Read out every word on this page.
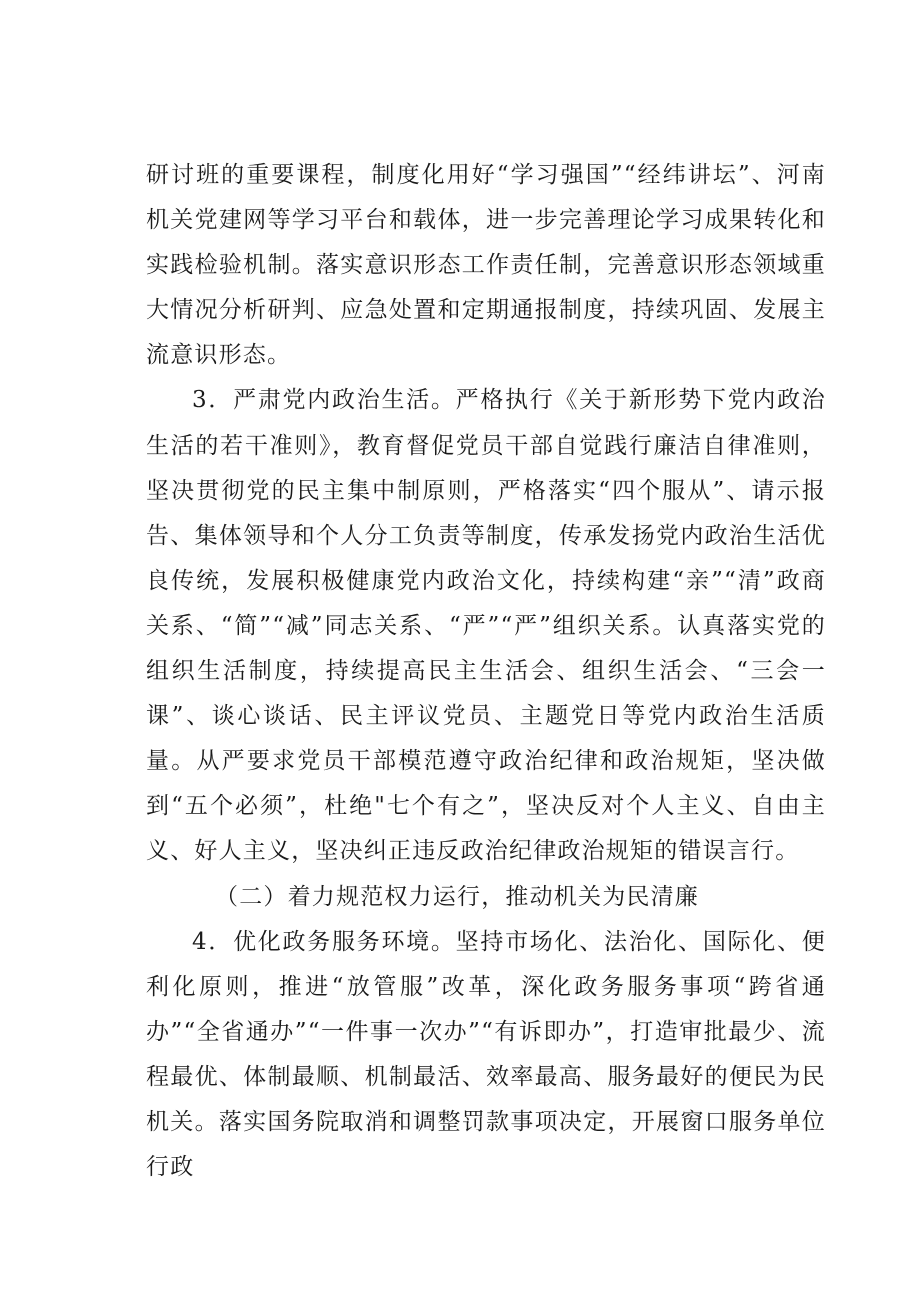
研讨班的重要课程，制度化用好“学习强国”“经纬讲坛”、河南机关党建网等学习平台和载体，进一步完善理论学习成果转化和实践检验机制。落实意识形态工作责任制，完善意识形态领域重大情况分析研判、应急处置和定期通报制度，持续巩固、发展主流意识形态。

3．严肃党内政治生活。严格执行《关于新形势下党内政治生活的若干准则》，教育督促党员干部自觉践行廉洁自律准则，坚决贯彻党的民主集中制原则，严格落实“四个服从”、请示报告、集体领导和个人分工负责等制度，传承发扬党内政治生活优良传统，发展积极健康党内政治文化，持续构建“亲”“清”政商关系、“简”“减”同志关系、“严”“严”组织关系。认真落实党的组织生活制度，持续提高民主生活会、组织生活会、“三会一课”、谈心谈话、民主评议党员、主题党日等党内政治生活质量。从严要求党员干部模范遵守政治纪律和政治规矩，坚决做到“五个必须”，杜绝"七个有之”，坚决反对个人主义、自由主义、好人主义，坚决纠正违反政治纪律政治规矩的错误言行。

（二）着力规范权力运行，推动机关为民清廉

4．优化政务服务环境。坚持市场化、法治化、国际化、便利化原则，推进“放管服”改革，深化政务服务事项“跨省通办”“全省通办”“一件事一次办”“有诉即办”，打造审批最少、流程最优、体制最顺、机制最活、效率最高、服务最好的便民为民机关。落实国务院取消和调整罚款事项决定，开展窗口服务单位行政
